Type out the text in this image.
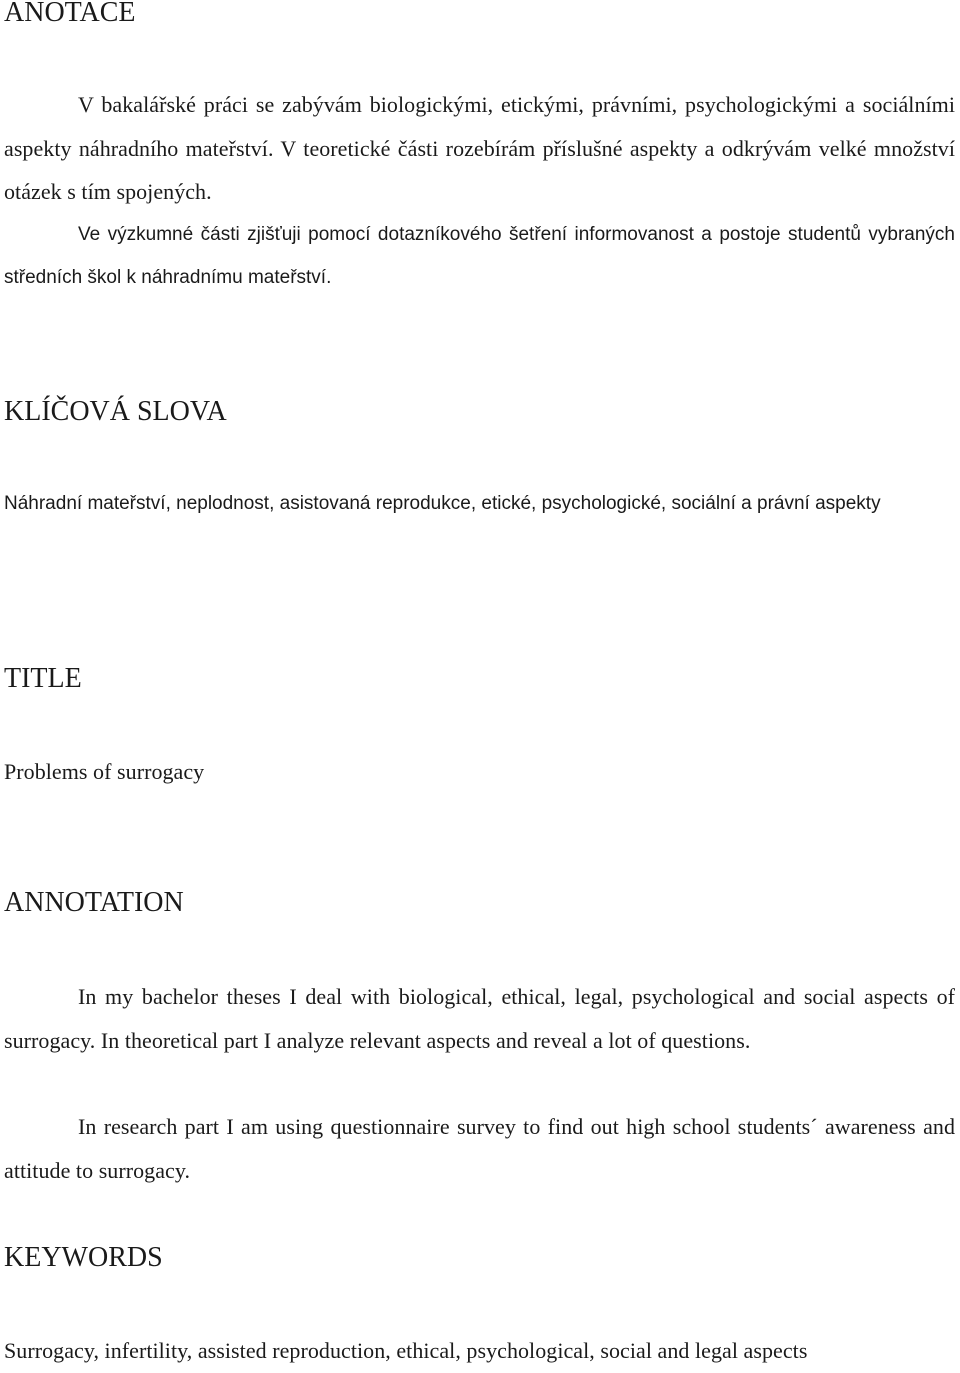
ANOTACE

V bakalářské práci se zabývám biologickými, etickými, právními, psychologickými a sociálními aspekty náhradního mateřství. V teoretické části rozebírám příslušné aspekty a odkrývám velké množství otázek s tím spojených.

Ve výzkumné části zjišťuji pomocí dotazníkového šetření informovanost a postoje studentů vybraných středních škol k náhradnímu mateřství.

KLÍČOVÁ SLOVA

Náhradní mateřství, neplodnost, asistovaná reprodukce, etické, psychologické, sociální a právní aspekty

TITLE

Problems of surrogacy

ANNOTATION

In my bachelor theses I deal with biological, ethical, legal, psychological and social aspects of surrogacy. In theoretical part I analyze relevant aspects and reveal a lot of questions.

In research part I am using questionnaire survey to find out high school students´ awareness and attitude to surrogacy.

KEYWORDS

Surrogacy, infertility, assisted reproduction, ethical, psychological, social and legal aspects
